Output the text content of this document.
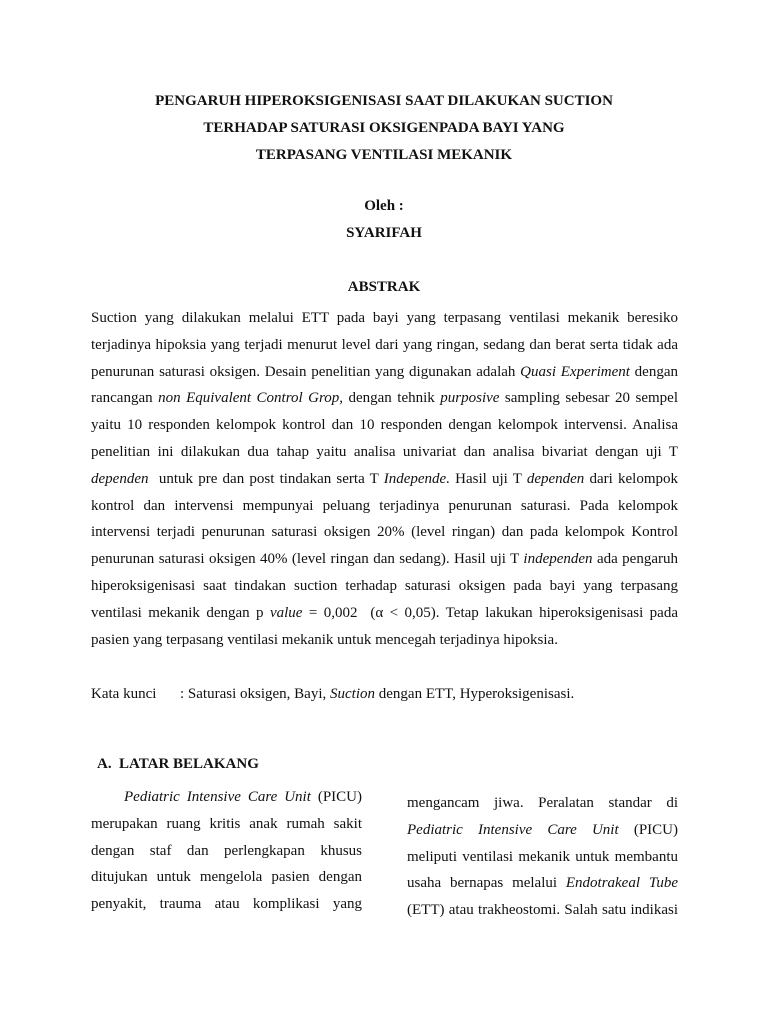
PENGARUH HIPEROKSIGENISASI SAAT DILAKUKAN SUCTION
TERHADAP SATURASI OKSIGENPADA BAYI YANG
TERPASANG VENTILASI MEKANIK
Oleh :
SYARIFAH
ABSTRAK
Suction yang dilakukan melalui ETT pada bayi yang terpasang ventilasi mekanik beresiko
terjadinya hipoksia yang terjadi menurut level dari yang ringan, sedang dan berat serta tidak ada
penurunan saturasi oksigen. Desain penelitian yang digunakan adalah Quasi Experiment dengan
rancangan non Equivalent Control Grop, dengan tehnik purposive sampling sebesar 20 sempel
yaitu 10 responden kelompok kontrol dan 10 responden dengan kelompok intervensi. Analisa
penelitian ini dilakukan dua tahap yaitu analisa univariat dan analisa bivariat dengan uji T
dependen  untuk pre dan post tindakan serta T Independe. Hasil uji T dependen dari kelompok
kontrol dan intervensi mempunyai peluang terjadinya penurunan saturasi. Pada kelompok
intervensi terjadi penurunan saturasi oksigen 20% (level ringan) dan pada kelompok Kontrol
penurunan saturasi oksigen 40% (level ringan dan sedang). Hasil uji T independen ada pengaruh
hiperoksigenisasi saat tindakan suction terhadap saturasi oksigen pada bayi yang terpasang
ventilasi mekanik dengan p value = 0,002  (α < 0,05). Tetap lakukan hiperoksigenisasi pada
pasien yang terpasang ventilasi mekanik untuk mencegah terjadinya hipoksia.
Kata kunci : Saturasi oksigen, Bayi, Suction dengan ETT, Hyperoksigenisasi.
A. LATAR BELAKANG
Pediatric Intensive Care Unit (PICU)
merupakan ruang kritis anak rumah sakit
dengan staf dan perlengkapan khusus
ditujukan untuk mengelola pasien dengan
penyakit, trauma atau komplikasi yang
mengancam jiwa. Peralatan standar di
Pediatric Intensive Care Unit (PICU)
meliputi ventilasi mekanik untuk membantu
usaha bernapas melalui Endotrakeal Tube
(ETT) atau trakheostomi. Salah satu indikasi
